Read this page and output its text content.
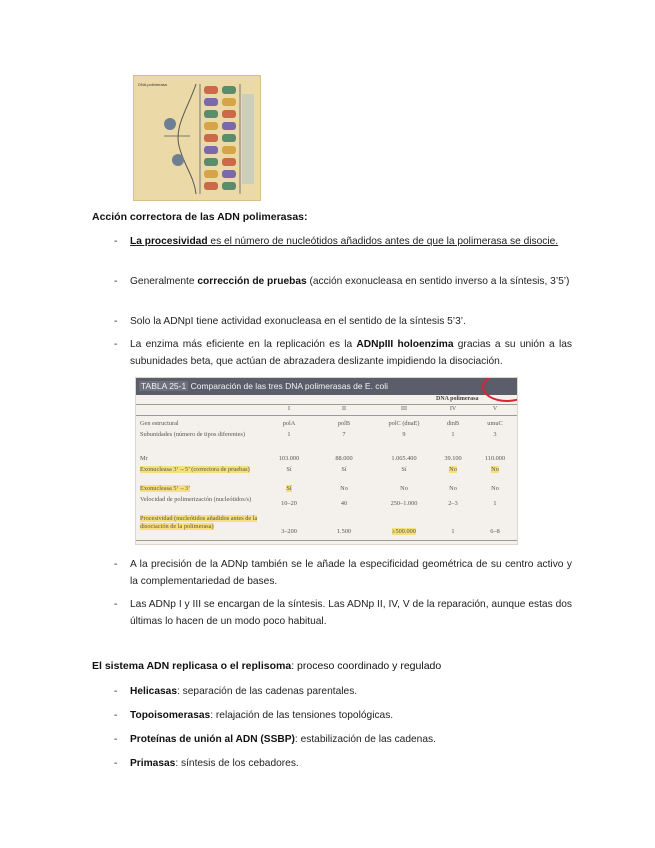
DNA polimerasa
Acción correctora de las ADN polimerasas:
- La procesividad es el número de nucleótidos añadidos antes de que la polimerasa se disocie.
- Generalmente corrección de pruebas (acción exonucleasa en sentido inverso a la síntesis, 3’5’)
- Solo la ADNpI tiene actividad exonucleasa en el sentido de la síntesis 5’3’.
- La enzima más eficiente en la replicación es la ADNpIII holoenzima gracias a su unión a las subunidades beta, que actúan de abrazadera deslizante impidiendo la disociación.
TABLA 25-1 Comparación de las tres DNA polimerasas de E. coli
DNA polimerasa
I	II	III	IV	V
Gen estructural	polA	polB	polC (dnaE)	dinB	umuC
Subunidades (número de tipos diferentes)	1	7	9	1	3
Mr	103.000	88.000	1.065.400	39.100	110.000
Exonucleasa 3’→5’ (correctora de pruebas)	Sí	Sí	Sí	No	No
Exonucleasa 5’→3’	Sí	No	No	No	No
Velocidad de polimerización (nucleótidos/s)
10–20	40	250–1.000	2–3	1
Procesividad (nucleótidos añadidos antes de la disociación de la polimerasa)
3–200	1.500	≥500.000	1	6–8
- A la precisión de la ADNp también se le añade la especificidad geométrica de su centro activo y la complementariedad de bases.
- Las ADNp I y III se encargan de la síntesis. Las ADNp II, IV, V de la reparación, aunque estas dos últimas lo hacen de un modo poco habitual.
El sistema ADN replicasa o el replisoma: proceso coordinado y regulado
- Helicasas: separación de las cadenas parentales.
- Topoisomerasas: relajación de las tensiones topológicas.
- Proteínas de unión al ADN (SSBP): estabilización de las cadenas.
- Primasas: síntesis de los cebadores.
